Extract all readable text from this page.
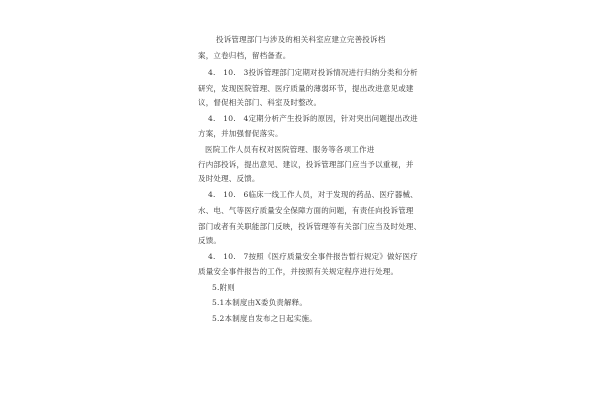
投诉管理部门与涉及的相关科室应建立完善投诉档
案，立卷归档，留档备查。
4.　10.　3投诉管理部门定期对投诉情况进行归纳分类和分析
研究，发现医院管理、医疗质量的薄弱环节，提出改进意见或建
议，督促相关部门、科室及时整改。
4.　10.　4定期分析产生投诉的原因，针对突出问题提出改进
方案，并加强督促落实。
医院工作人员有权对医院管理、服务等各项工作进
行内部投诉，提出意见、建议，投诉管理部门应当予以重视，并
及时处理、反馈。
4.　10.　6临床一线工作人员，对于发现的药品、医疗器械、
水、电、气等医疗质量安全保障方面的问题，有责任向投诉管理
部门或者有关职能部门反映，投诉管理等有关部门应当及时处理、
反馈。
4.　10.　7按照《医疗质量安全事件报告暂行规定》做好医疗
质量安全事件报告的工作，并按照有关规定程序进行处理。
5.附则
5.1本制度由X委负责解释。
5.2本制度自发布之日起实施。
